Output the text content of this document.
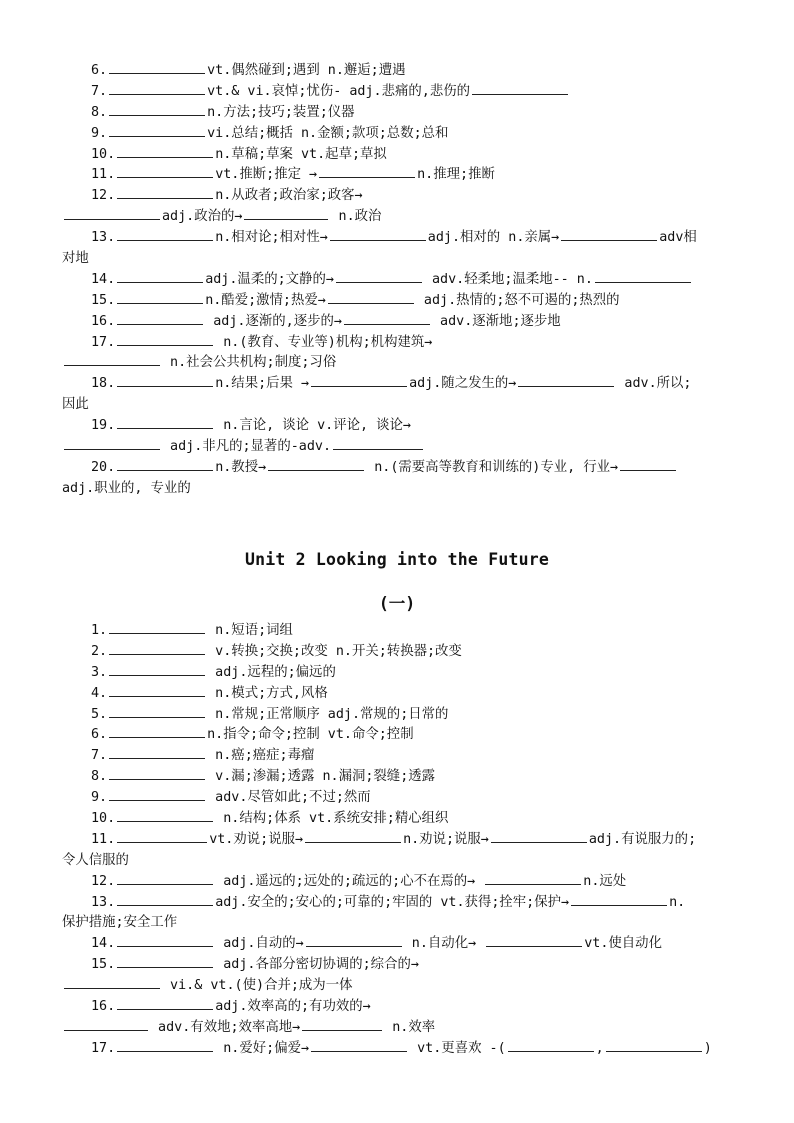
6.	vt.偶然碰到;遇到 n.邂逅;遭遇
7.	vt.& vi.哀悼;忧伤- adj.悲痛的,悲伤的
8.	n.方法;技巧;装置;仪器
9.	vi.总结;概括 n.金额;款项;总数;总和
10.	n.草稿;草案 vt.起草;草拟
11.	vt.推断;推定 →	n.推理;推断
12.	n.从政者;政治家;政客→
adj.政治的→	n.政治
13.	n.相对论;相对性→	adj.相对的 n.亲属→	adv相
对地
14.	adj.温柔的;文静的→	adv.轻柔地;温柔地-- n.
15.	n.酷爱;激情;热爱→	adj.热情的;怒不可遏的;热烈的
16.	adj.逐渐的,逐步的→	adv.逐渐地;逐步地
17.	n.(教育、专业等)机构;机构建筑→
n.社会公共机构;制度;习俗
18.	n.结果;后果 →	adj.随之发生的→	adv.所以;
因此
19.	n.言论, 谈论 v.评论, 谈论→
adj.非凡的;显著的-adv.
20.	n.教授→	n.(需要高等教育和训练的)专业, 行业→
adj.职业的, 专业的
Unit 2 Looking into the Future
(一)
1.	n.短语;词组
2.	v.转换;交换;改变 n.开关;转换器;改变
3.	adj.远程的;偏远的
4.	n.模式;方式,风格
5.	n.常规;正常顺序 adj.常规的;日常的
6.	n.指令;命令;控制 vt.命令;控制
7.	n.癌;癌症;毒瘤
8.	v.漏;渗漏;透露 n.漏洞;裂缝;透露
9.	adv.尽管如此;不过;然而
10.	n.结构;体系 vt.系统安排;精心组织
11.	vt.劝说;说服→	n.劝说;说服→	adj.有说服力的;
令人信服的
12.	adj.遥远的;远处的;疏远的;心不在焉的→	n.远处
13.	adj.安全的;安心的;可靠的;牢固的 vt.获得;拴牢;保护→	n.
保护措施;安全工作
14.	adj.自动的→	n.自动化→	vt.使自动化
15.	adj.各部分密切协调的;综合的→
vi.& vt.(使)合并;成为一体
16.	adj.效率高的;有功效的→
adv.有效地;效率高地→	n.效率
17.	n.爱好;偏爱→	vt.更喜欢 -(	,	)
